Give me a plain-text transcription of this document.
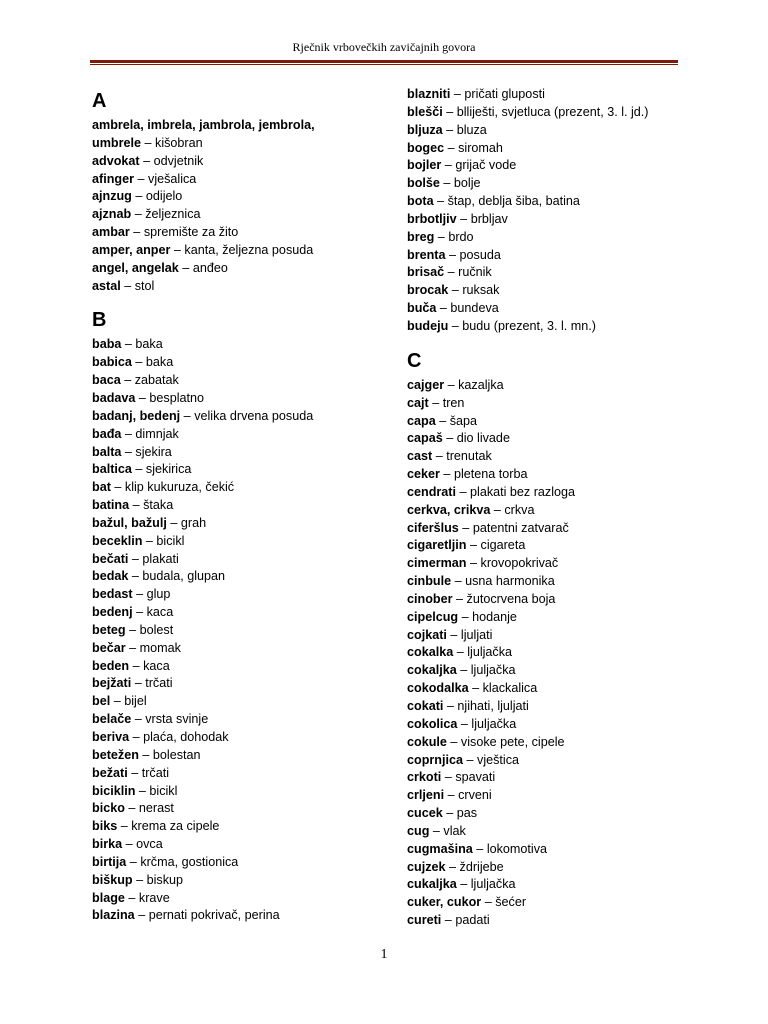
Rječnik vrbovečkih zavičajnih govora
A
ambrela, imbrela, jambrola, jembrola,
umbrele – kišobran
advokat – odvjetnik
afinger – vješalica
ajnzug – odijelo
ajznab – željeznica
ambar – spremište za žito
amper, anper – kanta, željezna posuda
angel, angelak – anđeo
astal – stol
B
baba – baka
babica – baka
baca – zabatak
badava – besplatno
badanj, bedenj – velika drvena posuda
bađa – dimnjak
balta – sjekira
baltica – sjekirica
bat – klip kukuruza, čekić
batina – štaka
bažul, bažulj – grah
beceklin – bicikl
bečati – plakati
bedak – budala, glupan
bedast – glup
bedenj – kaca
beteg – bolest
bečar – momak
beden – kaca
bejžati – trčati
bel – bijel
belače – vrsta svinje
beriva – plaća, dohodak
betežen – bolestan
bežati – trčati
biciklin – bicikl
bicko – nerast
biks – krema za cipele
birka – ovca
birtija – krčma, gostionica
biškup – biskup
blage – krave
blazina – pernati pokrivač, perina
blazniti – pričati gluposti
blešči – blliješti, svjetluca (prezent, 3. l. jd.)
bljuza – bluza
bogec – siromah
bojler – grijač vode
bolše – bolje
bota – štap, deblja šiba, batina
brbotljiv – brbljav
breg – brdo
brenta – posuda
brisač – ručnik
brocak – ruksak
buča – bundeva
budeju – budu (prezent, 3. l. mn.)
C
cajger – kazaljka
cajt – tren
capa – šapa
capaš – dio livade
cast – trenutak
ceker – pletena torba
cendrati – plakati bez razloga
cerkva, crikva – crkva
ciferšlus – patentni zatvarač
cigaretljin – cigareta
cimerman – krovopokrivač
cinbule – usna harmonika
cinober – žutocrvena boja
cipelcug – hodanje
cojkati – ljuljati
cokalka – ljuljačka
cokaljka – ljuljačka
cokodalka – klackalica
cokati – njihati, ljuljati
cokolica – ljuljačka
cokule – visoke pete, cipele
coprnjica – vještica
crkoti – spavati
crljeni – crveni
cucek – pas
cug – vlak
cugmašina – lokomotiva
cujzek – ždrijebe
cukaljka – ljuljačka
cuker, cukor – šećer
cureti – padati
1
